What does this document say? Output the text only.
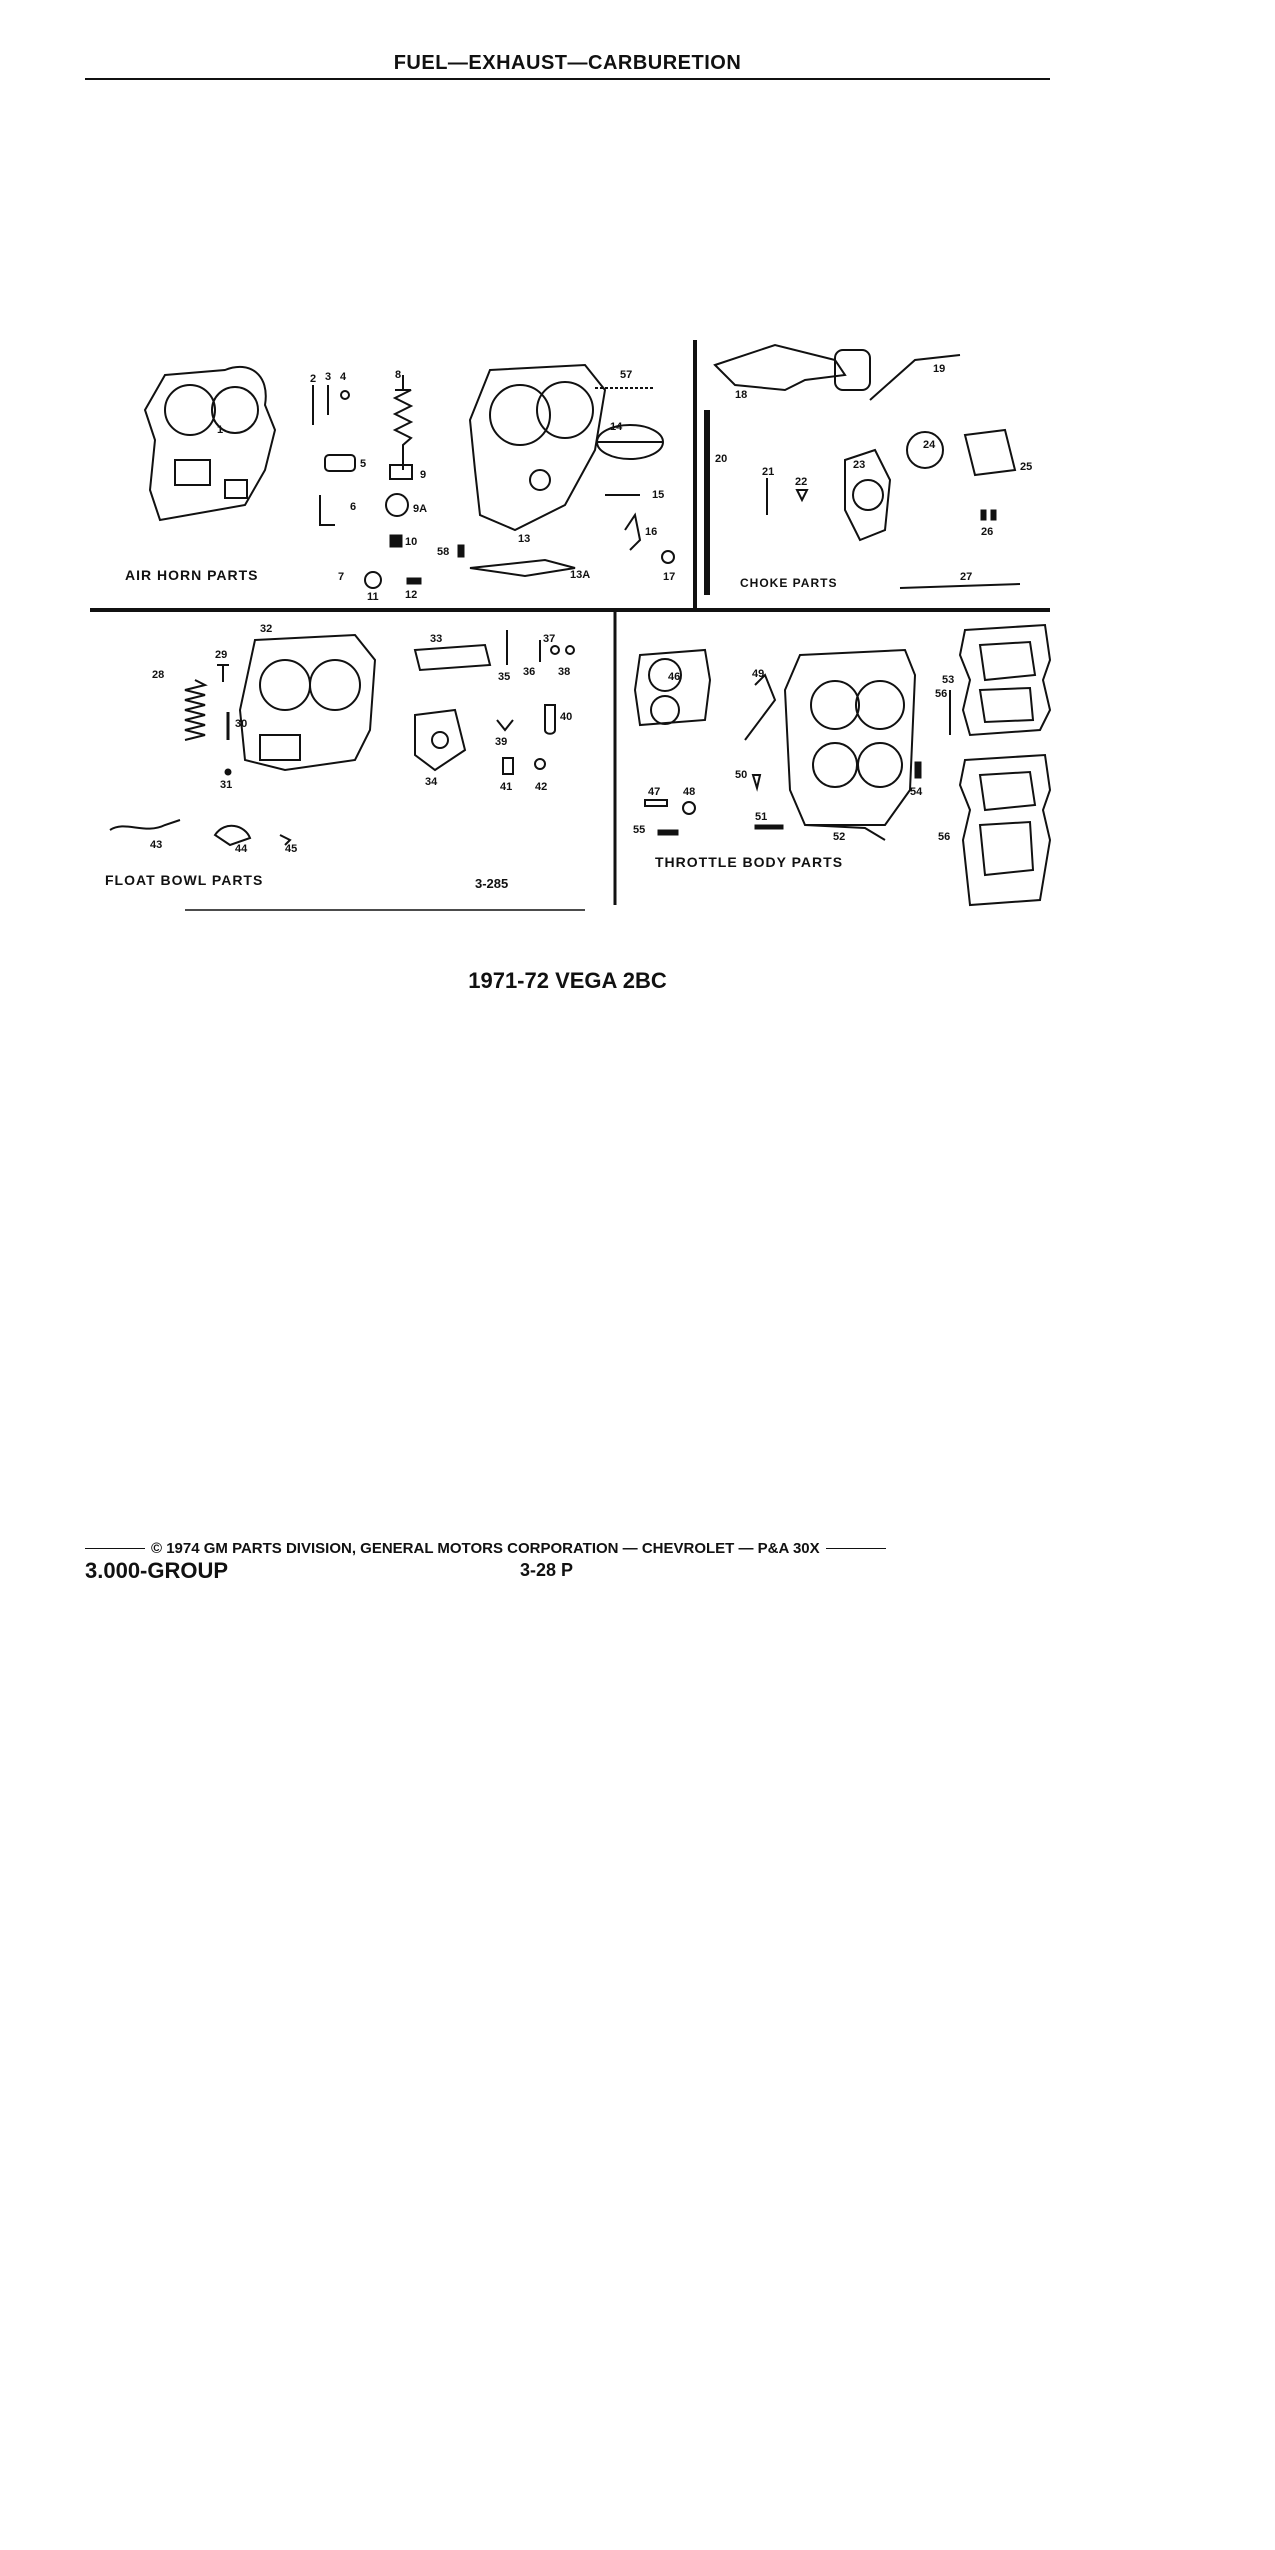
FUEL—EXHAUST—CARBURETION
AIR HORN PARTS	CHOKE PARTS
FLOAT BOWL PARTS
THROTTLE BODY PARTS
3-285
1
2 3 4
5
6
7
8
9
9A
10
11 12
13
13A
14
15
16
17
57
58
18
19
20
21
22
23
24
25
26
27
28
29
30
31
32
33
34
35 36
37
38
39
40
41 42
43	44	45
46
47 48
49
50
51
52
53
54
55
56
56
1971-72 VEGA 2BC
© 1974 GM PARTS DIVISION, GENERAL MOTORS CORPORATION — CHEVROLET — P&A 30X
3.000-GROUP	3-28 P
